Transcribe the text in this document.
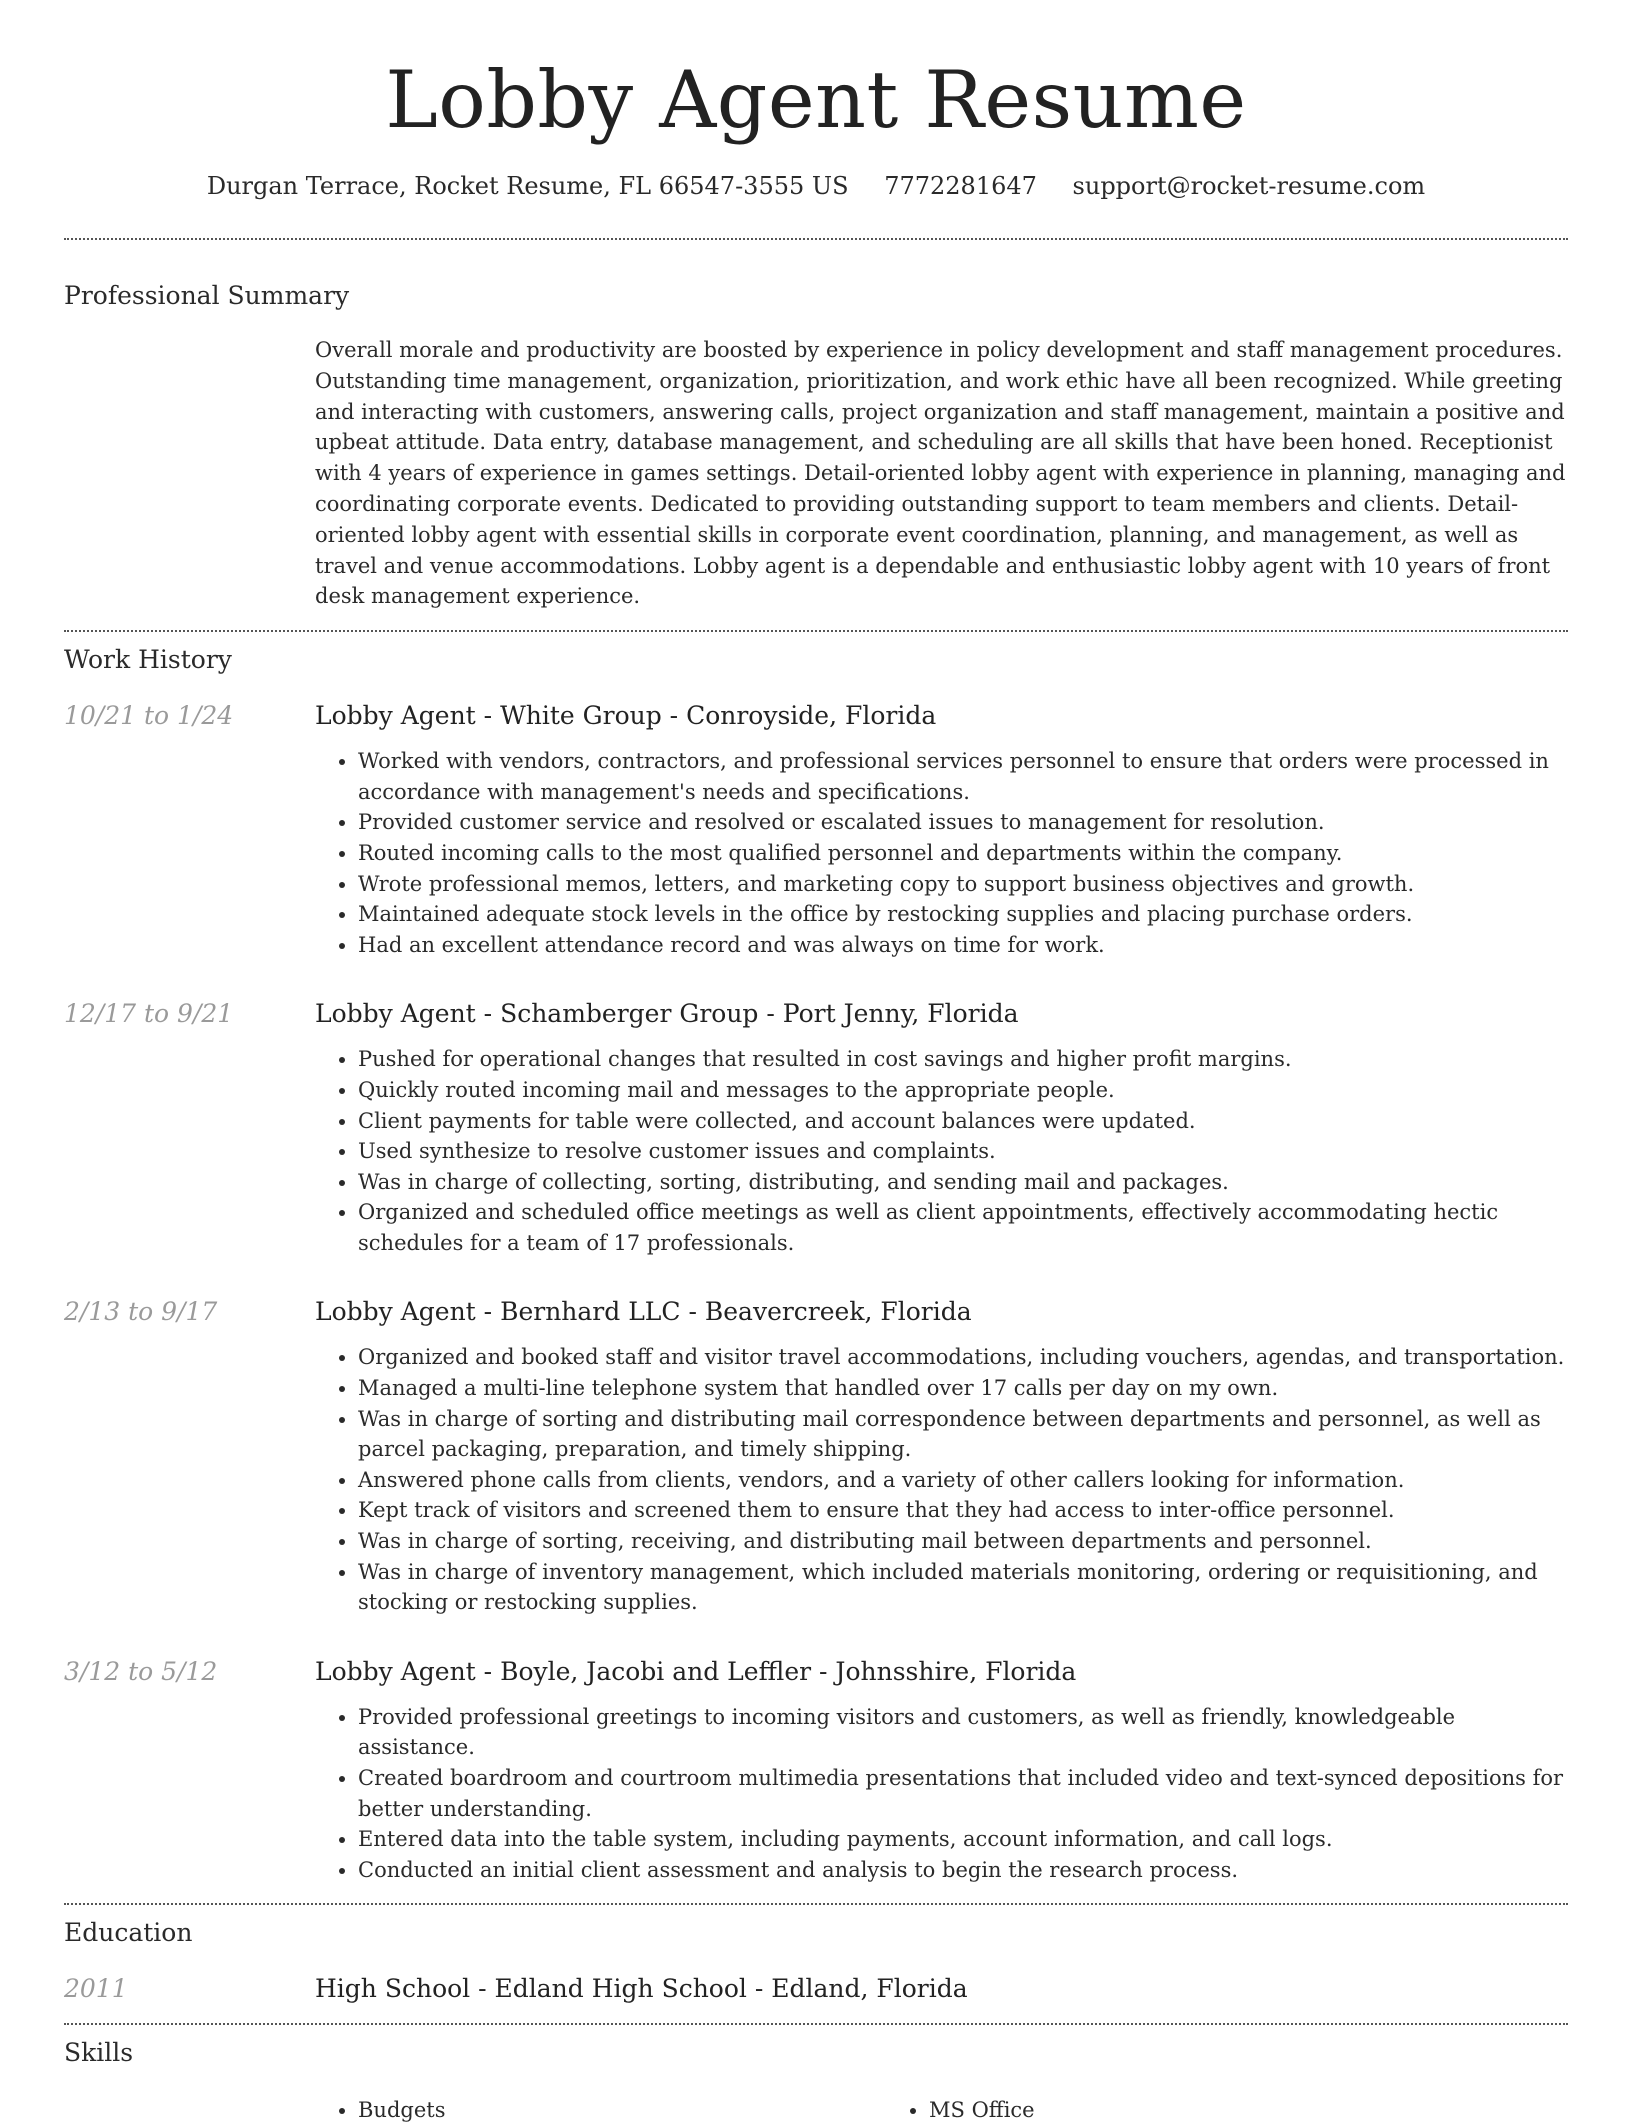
Lobby Agent Resume
Durgan Terrace, Rocket Resume, FL 66547-3555 US 7772281647 support@rocket-resume.com
Professional Summary

Overall morale and productivity are boosted by experience in policy development and staff management procedures. Outstanding time management, organization, prioritization, and work ethic have all been recognized. While greeting and interacting with customers, answering calls, project organization and staff management, maintain a positive and upbeat attitude. Data entry, database management, and scheduling are all skills that have been honed. Receptionist with 4 years of experience in games settings. Detail-oriented lobby agent with experience in planning, managing and coordinating corporate events. Dedicated to providing outstanding support to team members and clients. Detail-oriented lobby agent with essential skills in corporate event coordination, planning, and management, as well as travel and venue accommodations. Lobby agent is a dependable and enthusiastic lobby agent with 10 years of front desk management experience.

Work History
10/21 to 1/24	Lobby Agent - White Group - Conroyside, Florida
• Worked with vendors, contractors, and professional services personnel to ensure that orders were processed in accordance with management's needs and specifications.
• Provided customer service and resolved or escalated issues to management for resolution.
• Routed incoming calls to the most qualified personnel and departments within the company.
• Wrote professional memos, letters, and marketing copy to support business objectives and growth.
• Maintained adequate stock levels in the office by restocking supplies and placing purchase orders.
• Had an excellent attendance record and was always on time for work.
12/17 to 9/21	Lobby Agent - Schamberger Group - Port Jenny, Florida
• Pushed for operational changes that resulted in cost savings and higher profit margins.
• Quickly routed incoming mail and messages to the appropriate people.
• Client payments for table were collected, and account balances were updated.
• Used synthesize to resolve customer issues and complaints.
• Was in charge of collecting, sorting, distributing, and sending mail and packages.
• Organized and scheduled office meetings as well as client appointments, effectively accommodating hectic schedules for a team of 17 professionals.
2/13 to 9/17	Lobby Agent - Bernhard LLC - Beavercreek, Florida
• Organized and booked staff and visitor travel accommodations, including vouchers, agendas, and transportation.
• Managed a multi-line telephone system that handled over 17 calls per day on my own.
• Was in charge of sorting and distributing mail correspondence between departments and personnel, as well as parcel packaging, preparation, and timely shipping.
• Answered phone calls from clients, vendors, and a variety of other callers looking for information.
• Kept track of visitors and screened them to ensure that they had access to inter-office personnel.
• Was in charge of sorting, receiving, and distributing mail between departments and personnel.
• Was in charge of inventory management, which included materials monitoring, ordering or requisitioning, and stocking or restocking supplies.
3/12 to 5/12	Lobby Agent - Boyle, Jacobi and Leffler - Johnsshire, Florida
• Provided professional greetings to incoming visitors and customers, as well as friendly, knowledgeable assistance.
• Created boardroom and courtroom multimedia presentations that included video and text-synced depositions for better understanding.
• Entered data into the table system, including payments, account information, and call logs.
• Conducted an initial client assessment and analysis to begin the research process.
Education
2011	High School - Edland High School - Edland, Florida
Skills
• Budgets
•	MS Office
